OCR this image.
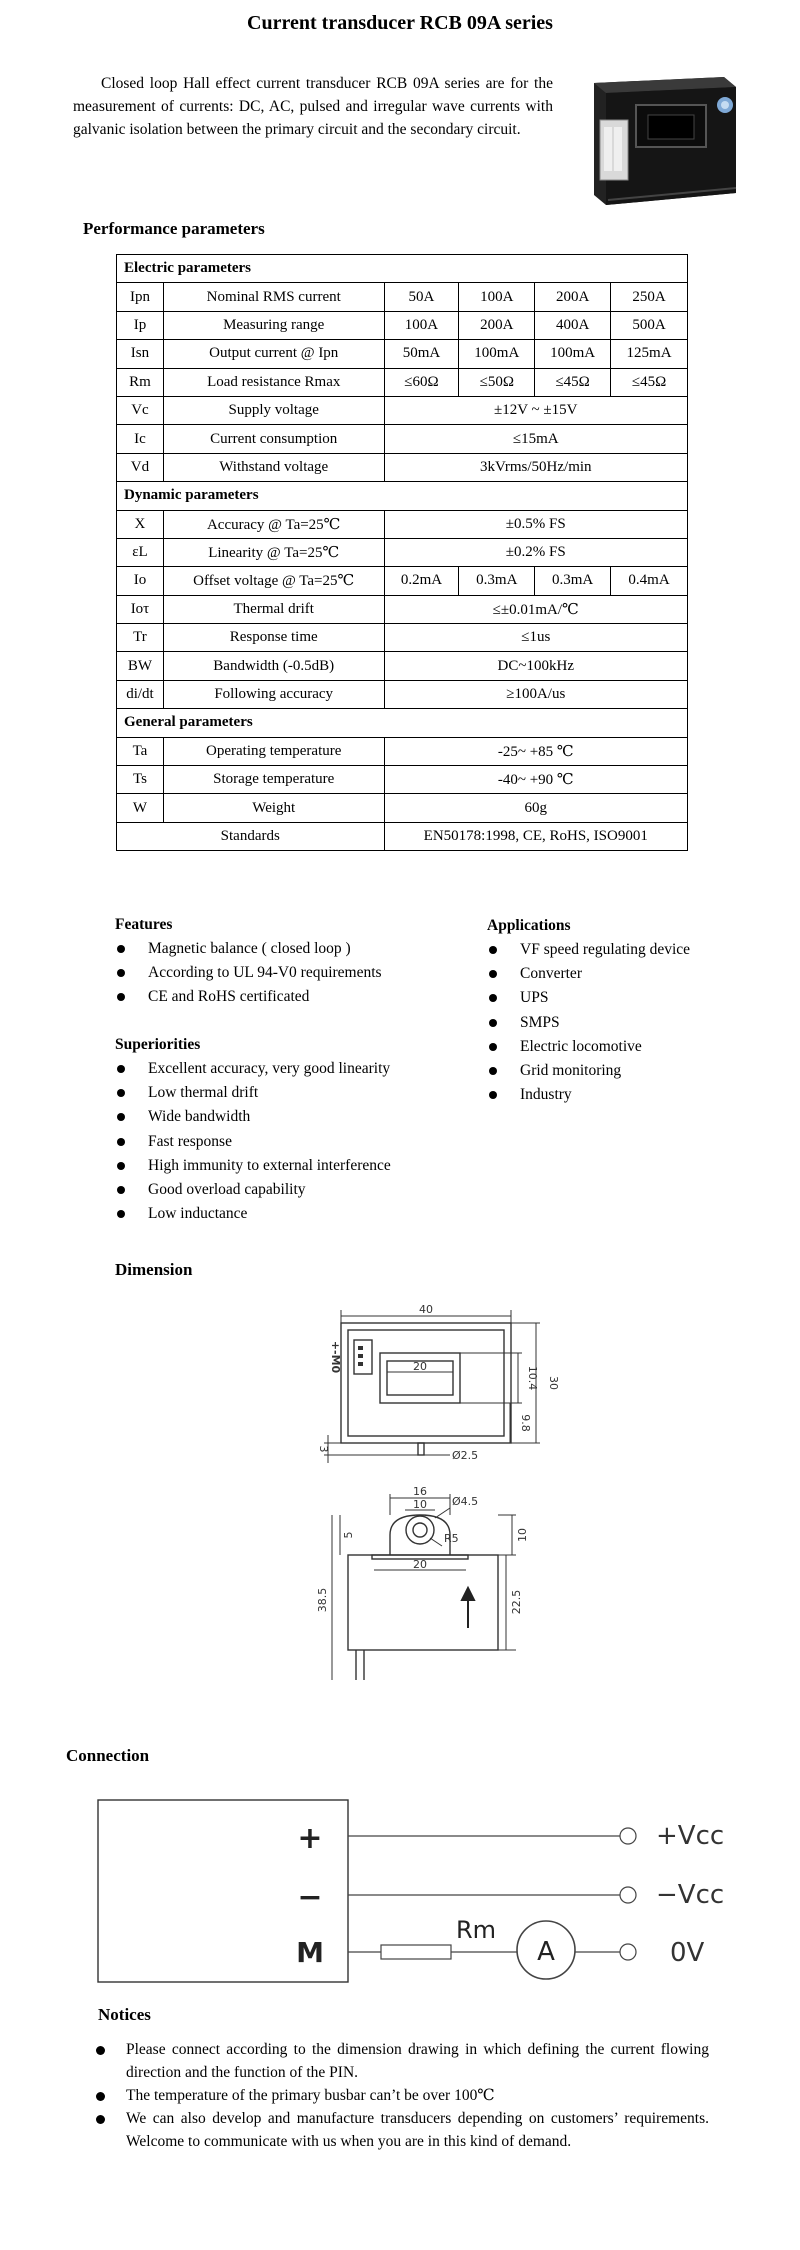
Current transducer RCB 09A series
Closed loop Hall effect current transducer RCB 09A series are for the measurement of currents: DC, AC, pulsed and irregular wave currents with galvanic isolation between the primary circuit and the secondary circuit.
Performance parameters
Electric parameters					
Ipn	Nominal RMS current	50A	100A	200A	250A
Ip	Measuring range	100A	200A	400A	500A
Isn	Output current @ Ipn	50mA	100mA	100mA	125mA
Rm	Load resistance Rmax	≤60Ω	≤50Ω	≤45Ω	≤45Ω
Vc	Supply voltage	±12V ~ ±15V			
Ic	Current consumption	≤15mA			
Vd	Withstand voltage	3kVrms/50Hz/min			
Dynamic parameters					
X	Accuracy @ Ta=25℃	±0.5% FS			
εL	Linearity @ Ta=25℃	±0.2% FS			
Io	Offset voltage @ Ta=25℃	0.2mA	0.3mA	0.3mA	0.4mA
Ioτ	Thermal drift	≤±0.01mA/℃			
Tr	Response time	≤1us			
BW	Bandwidth (-0.5dB)	DC~100kHz			
di/dt	Following accuracy	≥100A/us			
General parameters					
Ta	Operating temperature	-25~ +85 ℃			
Ts	Storage temperature	-40~ +90 ℃			
W	Weight	60g			
Standards		EN50178:1998, CE, RoHS, ISO9001			
Features
Magnetic balance ( closed loop )
According to UL 94-V0 requirements
CE and RoHS certificated
Superiorities
Excellent accuracy, very good linearity
Low thermal drift
Wide bandwidth
Fast response
High immunity to external interference
Good overload capability
Low inductance
Applications
VF speed regulating device
Converter
UPS
SMPS
Electric locomotive
Grid monitoring
Industry
Dimension
40
20
30
10.4
9.8
3	Ø2.5
+-M0
16
10 Ø4.5
R5
20
5	10
38.5	22.5
Connection
+
−
M
Rm
A
+Vcc
−Vcc
0V
Notices
Please connect according to the dimension drawing in which defining the current flowing direction and the function of the PIN.
The temperature of the primary busbar can’t be over 100℃
We can also develop and manufacture transducers depending on customers’ requirements. Welcome to communicate with us when you are in this kind of demand.
